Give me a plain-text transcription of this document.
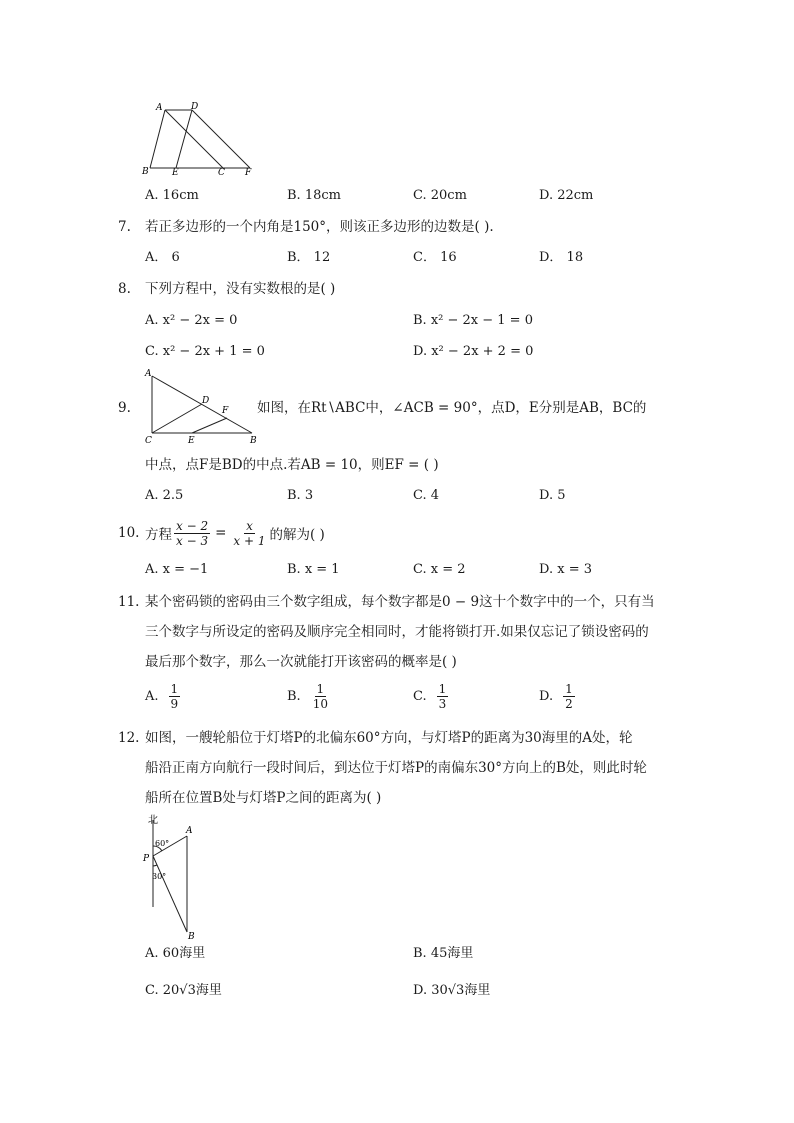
A	D
B	E	C F
A. 16cm	B. 18cm	C. 20cm	D. 22cm
7. 若正多边形的一个内角是150°，则该正多边形的边数是( ).
A． 6	B． 12	C． 16	D． 18
8. 下列方程中，没有实数根的是( )
A. x² − 2x = 0	B. x² − 2x − 1 = 0
C. x² − 2x + 1 = 0	D. x² − 2x + 2 = 0
9.
A
D
F
C	E	B
如图，在Rt∖ABC中，∠ACB = 90°，点D，E分别是AB，BC的
中点，点F是BD的中点.若AB = 10，则EF = ( )
A. 2.5	B. 3	C. 4	D. 5
10. 方程 $\frac{x - 2}{x - 3} = \frac{x}{x + 1}$ 的解为( )
A. x = −1	B. x = 1	C. x = 2	D. x = 3
11. 某个密码锁的密码由三个数字组成，每个数字都是0 − 9这十个数字中的一个，只有当
三个数字与所设定的密码及顺序完全相同时，才能将锁打开.如果仅忘记了锁设密码的
最后那个数字，那么一次就能打开该密码的概率是( )
A. $\frac{1}{9}$	B. $\frac{1}{10}$	C. $\frac{1}{3}$	D. $\frac{1}{2}$
12. 如图，一艘轮船位于灯塔P的北偏东60°方向，与灯塔P的距离为30海里的A处，轮
船沿正南方向航行一段时间后，到达位于灯塔P的南偏东30°方向上的B处，则此时轮
船所在位置B处与灯塔P之间的距离为( )
北
60°
30°
P
A
B
A. 60海里	B. 45海里
C. 20√3海里	D. 30√3海里
